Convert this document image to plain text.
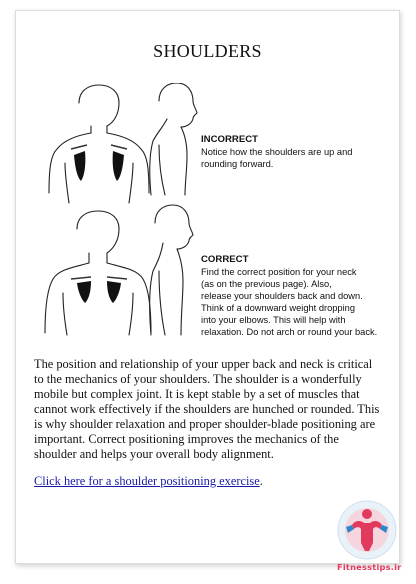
SHOULDERS
INCORRECT
Notice how the shoulders are up and
rounding forward.
CORRECT
Find the correct position for your neck
(as on the previous page). Also,
release your shoulders back and down.
Think of a downward weight dropping
into your elbows. This will help with
relaxation. Do not arch or round your back.

The position and relationship of your upper back and neck is critical to the mechanics of your shoulders. The shoulder is a wonderfully mobile but complex joint. It is kept stable by a set of muscles that cannot work effectively if the shoulders are hunched or rounded. This is why shoulder relaxation and proper shoulder-blade positioning are important. Correct positioning improves the mechanics of the shoulder and helps your overall body alignment.

Click here for a shoulder positioning exercise.
Fitnesstips.ir
